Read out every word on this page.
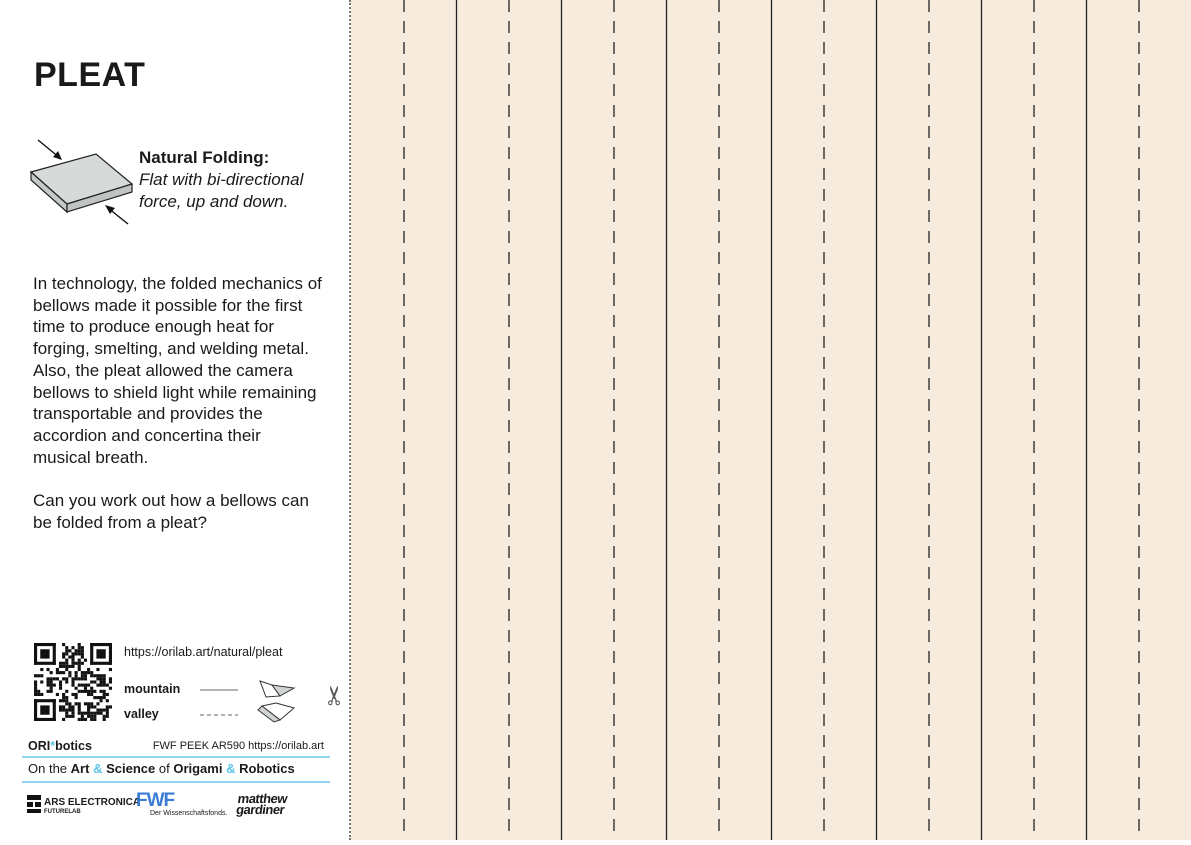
PLEAT
Natural Folding:
Flat with bi-directional force, up and down.

In technology, the folded mechanics of bellows made it possible for the first time to produce enough heat for forging, smelting, and welding metal. Also, the pleat allowed the camera bellows to shield light while remaining transportable and provides the accordion and concertina their musical breath.

Can you work out how a bellows can be folded from a pleat?

https://orilab.art/natural/pleat
mountain
valley
ORI*botics	FWF PEEK AR590 https://orilab.art
On the Art & Science of Origami & Robotics
ARS ELECTRONICA
FUTURELAB
FWF
Der Wissenschaftsfonds.
matthew
gardiner
✂
